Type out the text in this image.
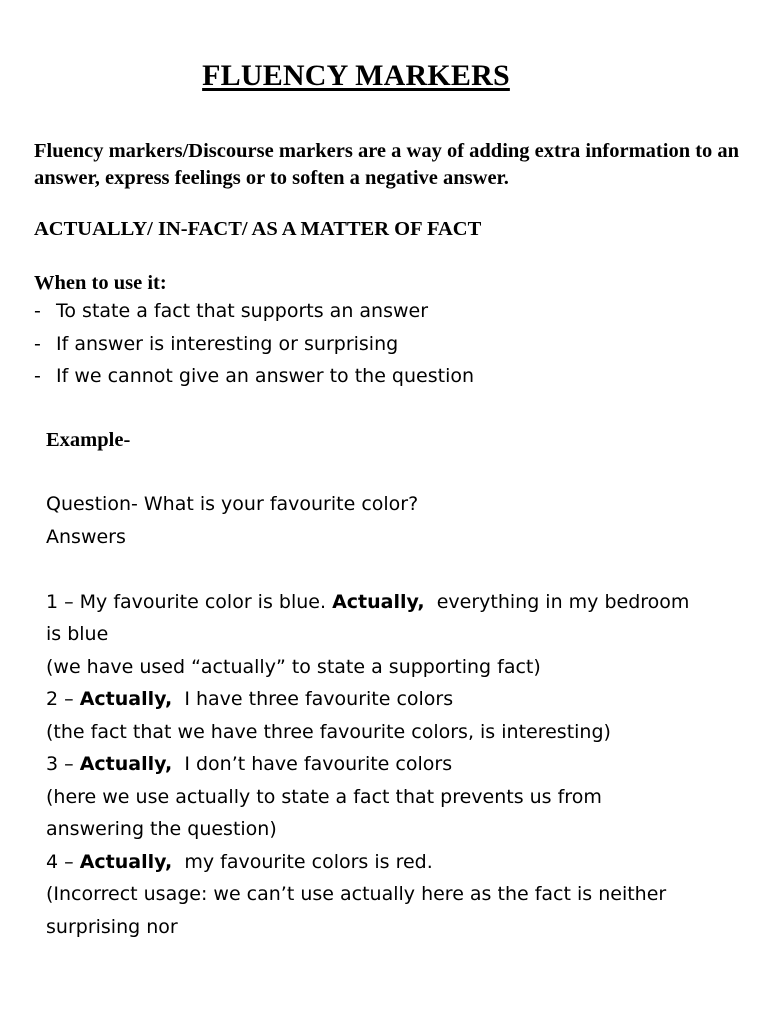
FLUENCY MARKERS
Fluency markers/Discourse markers are a way of adding extra information to an answer, express feelings or to soften a negative answer.
ACTUALLY/ IN-FACT/ AS A MATTER OF FACT
When to use it:
- To state a fact that supports an answer
- If answer is interesting or surprising
- If we cannot give an answer to the question
Example-
Question- What is your favourite color?
Answers
1 – My favourite color is blue. Actually, everything in my bedroom
is blue
(we have used “actually” to state a supporting fact)
2 – Actually, I have three favourite colors
(the fact that we have three favourite colors, is interesting)
3 – Actually, I don’t have favourite colors
(here we use actually to state a fact that prevents us from
answering the question)
4 – Actually, my favourite colors is red.
(Incorrect usage: we can’t use actually here as the fact is neither
surprising nor
